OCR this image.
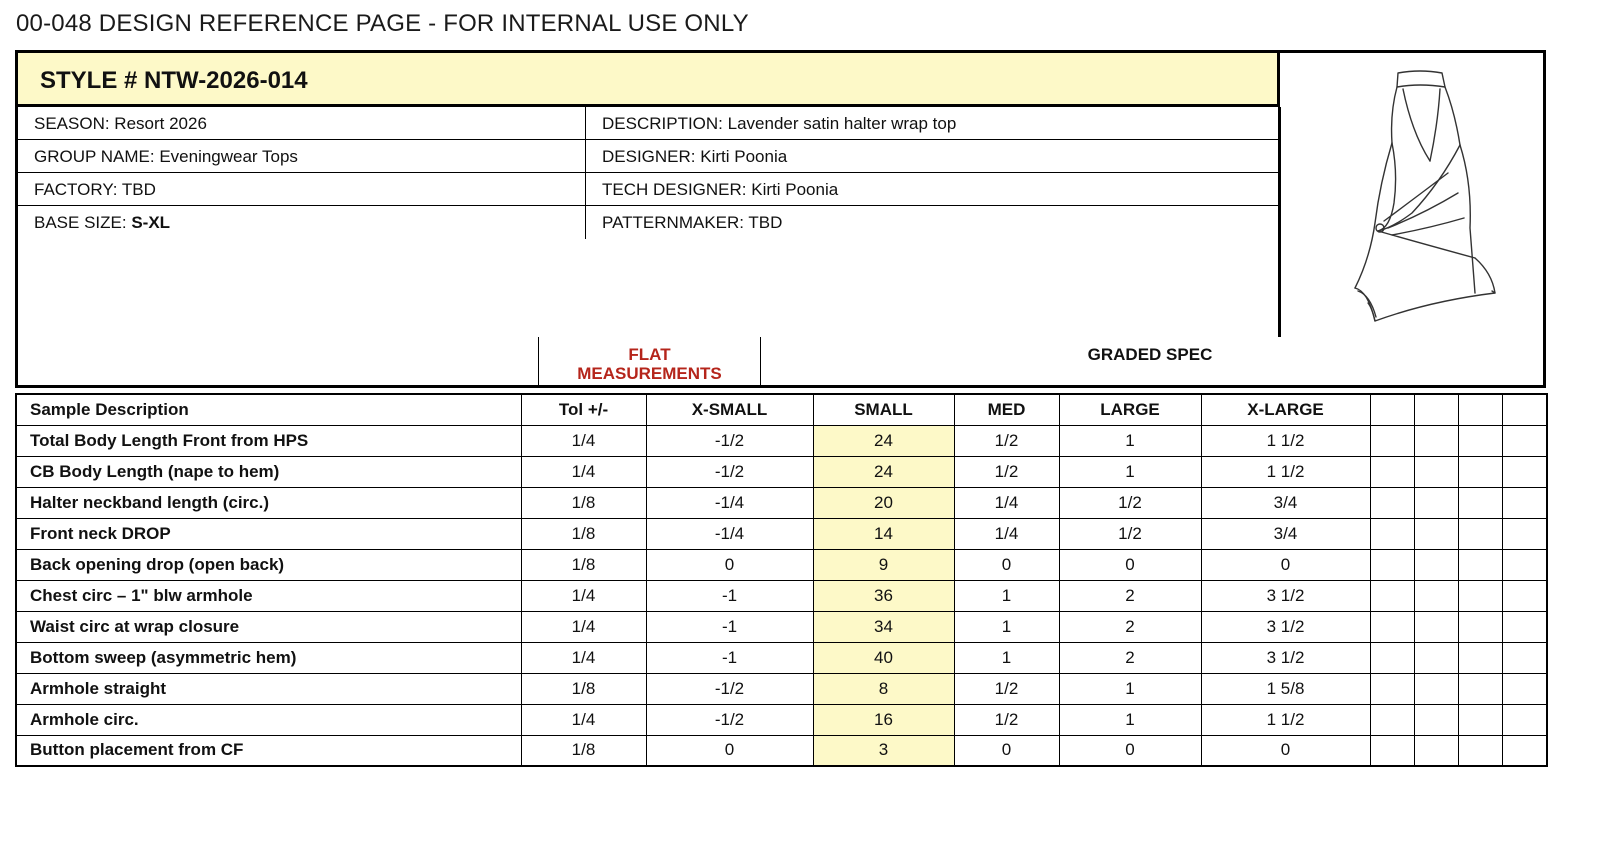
00-048 DESIGN REFERENCE PAGE - FOR INTERNAL USE ONLY
STYLE # NTW-2026-014
SEASON: Resort 2026	DESCRIPTION: Lavender satin halter wrap top
GROUP NAME: Eveningwear Tops	DESIGNER: Kirti Poonia
FACTORY: TBD	TECH DESIGNER: Kirti Poonia
BASE SIZE: S-XL	PATTERNMAKER: TBD
FLAT
MEASUREMENTS
GRADED SPEC
Sample Description	Tol +/-	X-SMALL	SMALL	MED	LARGE	X-LARGE				
Total Body Length Front from HPS	1/4	-1/2	24	1/2	1	1 1/2				
CB Body Length (nape to hem)	1/4	-1/2	24	1/2	1	1 1/2				
Halter neckband length (circ.)	1/8	-1/4	20	1/4	1/2	3/4				
Front neck DROP	1/8	-1/4	14	1/4	1/2	3/4				
Back opening drop (open back)	1/8	0	9	0	0	0				
Chest circ – 1" blw armhole	1/4	-1	36	1	2	3 1/2				
Waist circ at wrap closure	1/4	-1	34	1	2	3 1/2				
Bottom sweep (asymmetric hem)	1/4	-1	40	1	2	3 1/2				
Armhole straight	1/8	-1/2	8	1/2	1	1 5/8				
Armhole circ.	1/4	-1/2	16	1/2	1	1 1/2				
Button placement from CF	1/8	0	3	0	0	0				
